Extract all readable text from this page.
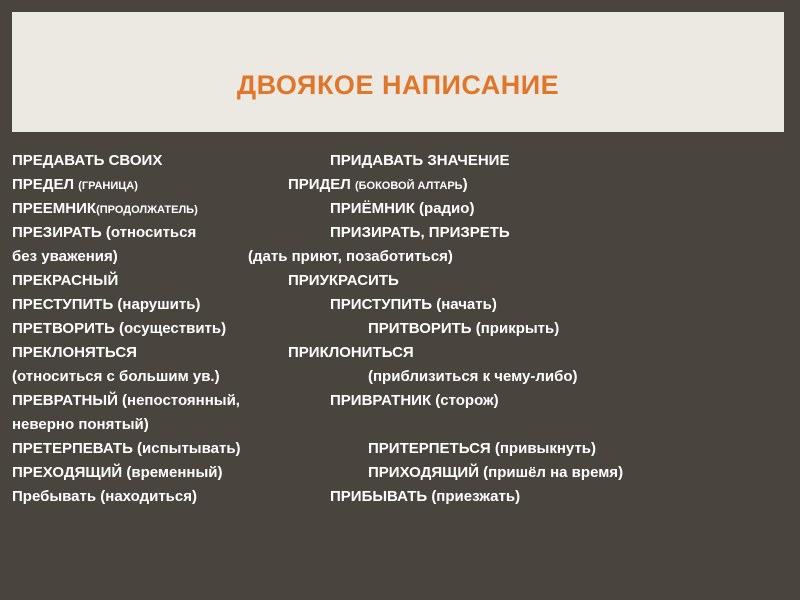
ДВОЯКОЕ НАПИСАНИЕ
ПРЕДАВАТЬ СВОИХ	ПРИДАВАТЬ ЗНАЧЕНИЕ
ПРЕДЕЛ (ГРАНИЦА)	ПРИДЕЛ (БОКОВОЙ АЛТАРЬ)
ПРЕЕМНИК(ПРОДОЛЖАТЕЛЬ)	ПРИЁМНИК (радио)
ПРЕЗИРАТЬ (относиться	ПРИЗИРАТЬ, ПРИЗРЕТЬ
без уважения)	(дать приют, позаботиться)
ПРЕКРАСНЫЙ	ПРИУКРАСИТЬ
ПРЕСТУПИТЬ (нарушить)	ПРИСТУПИТЬ (начать)
ПРЕТВОРИТЬ (осуществить)	ПРИТВОРИТЬ (прикрыть)
ПРЕКЛОНЯТЬСЯ	ПРИКЛОНИТЬСЯ
(относиться с большим ув.)	(приблизиться к чему-либо)
ПРЕВРАТНЫЙ (непостоянный,	ПРИВРАТНИК (сторож)
неверно понятый)
ПРЕТЕРПЕВАТЬ (испытывать)	ПРИТЕРПЕТЬСЯ (привыкнуть)
ПРЕХОДЯЩИЙ (временный)	ПРИХОДЯЩИЙ (пришёл на время)
Пребывать (находиться)	ПРИБЫВАТЬ (приезжать)
